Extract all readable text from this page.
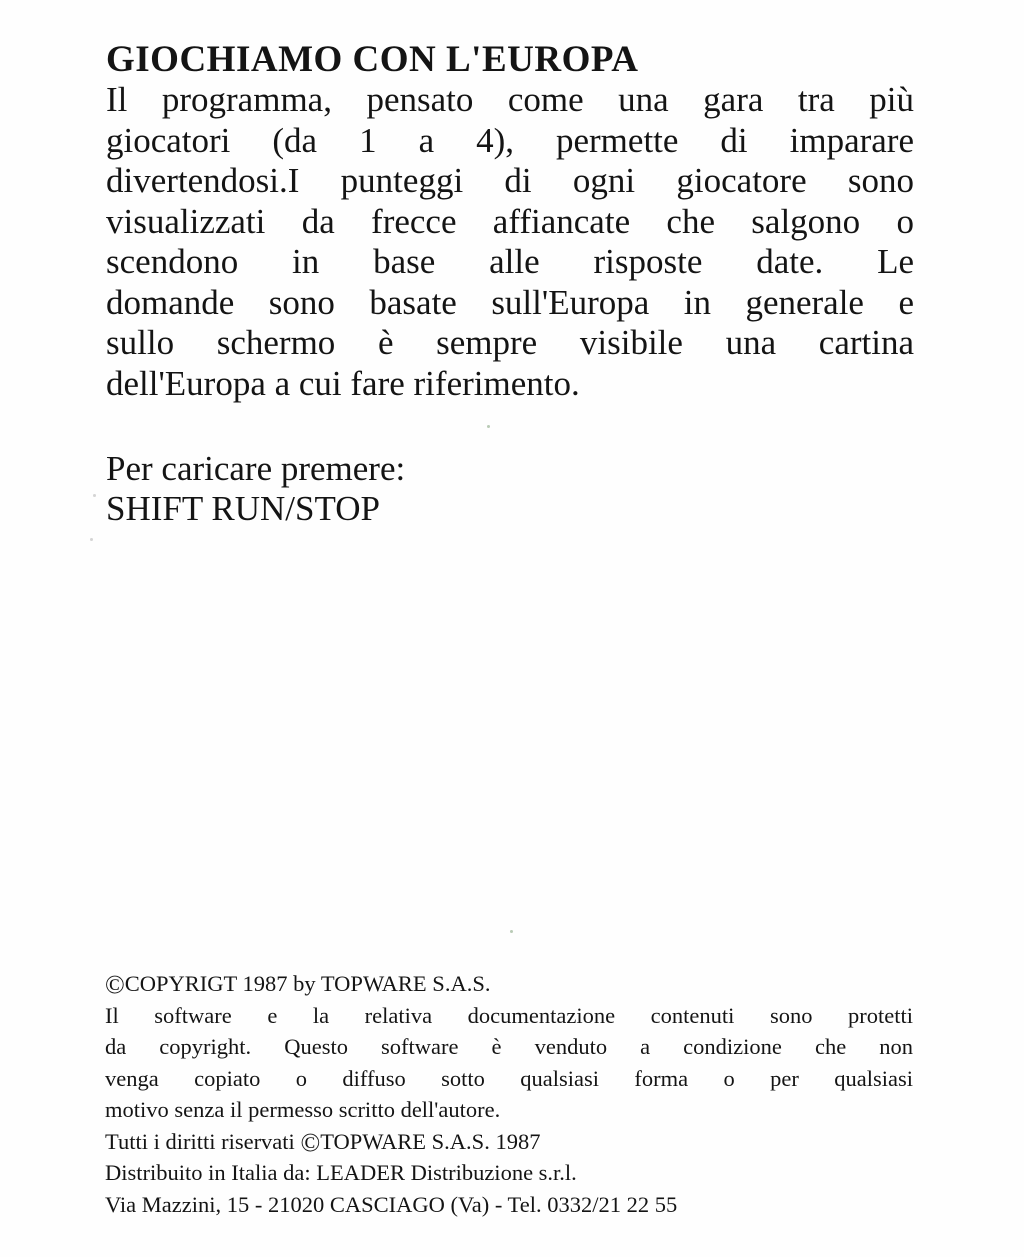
GIOCHIAMO CON L'EUROPA
Il programma, pensato come una gara tra più
giocatori (da 1 a 4), permette di imparare
divertendosi.I punteggi di ogni giocatore sono
visualizzati da frecce affiancate che salgono o
scendono in base alle risposte date. Le
domande sono basate sull'Europa in generale e
sullo schermo è sempre visibile una cartina
dell'Europa a cui fare riferimento.
Per caricare premere:
SHIFT RUN/STOP
©COPYRIGT 1987 by TOPWARE S.A.S.
Il software e la relativa documentazione contenuti sono protetti
da copyright. Questo software è venduto a condizione che non
venga copiato o diffuso sotto qualsiasi forma o per qualsiasi
motivo senza il permesso scritto dell'autore.
Tutti i diritti riservati ©TOPWARE S.A.S. 1987
Distribuito in Italia da: LEADER Distribuzione s.r.l.
Via Mazzini, 15 - 21020 CASCIAGO (Va) - Tel. 0332/21 22 55
